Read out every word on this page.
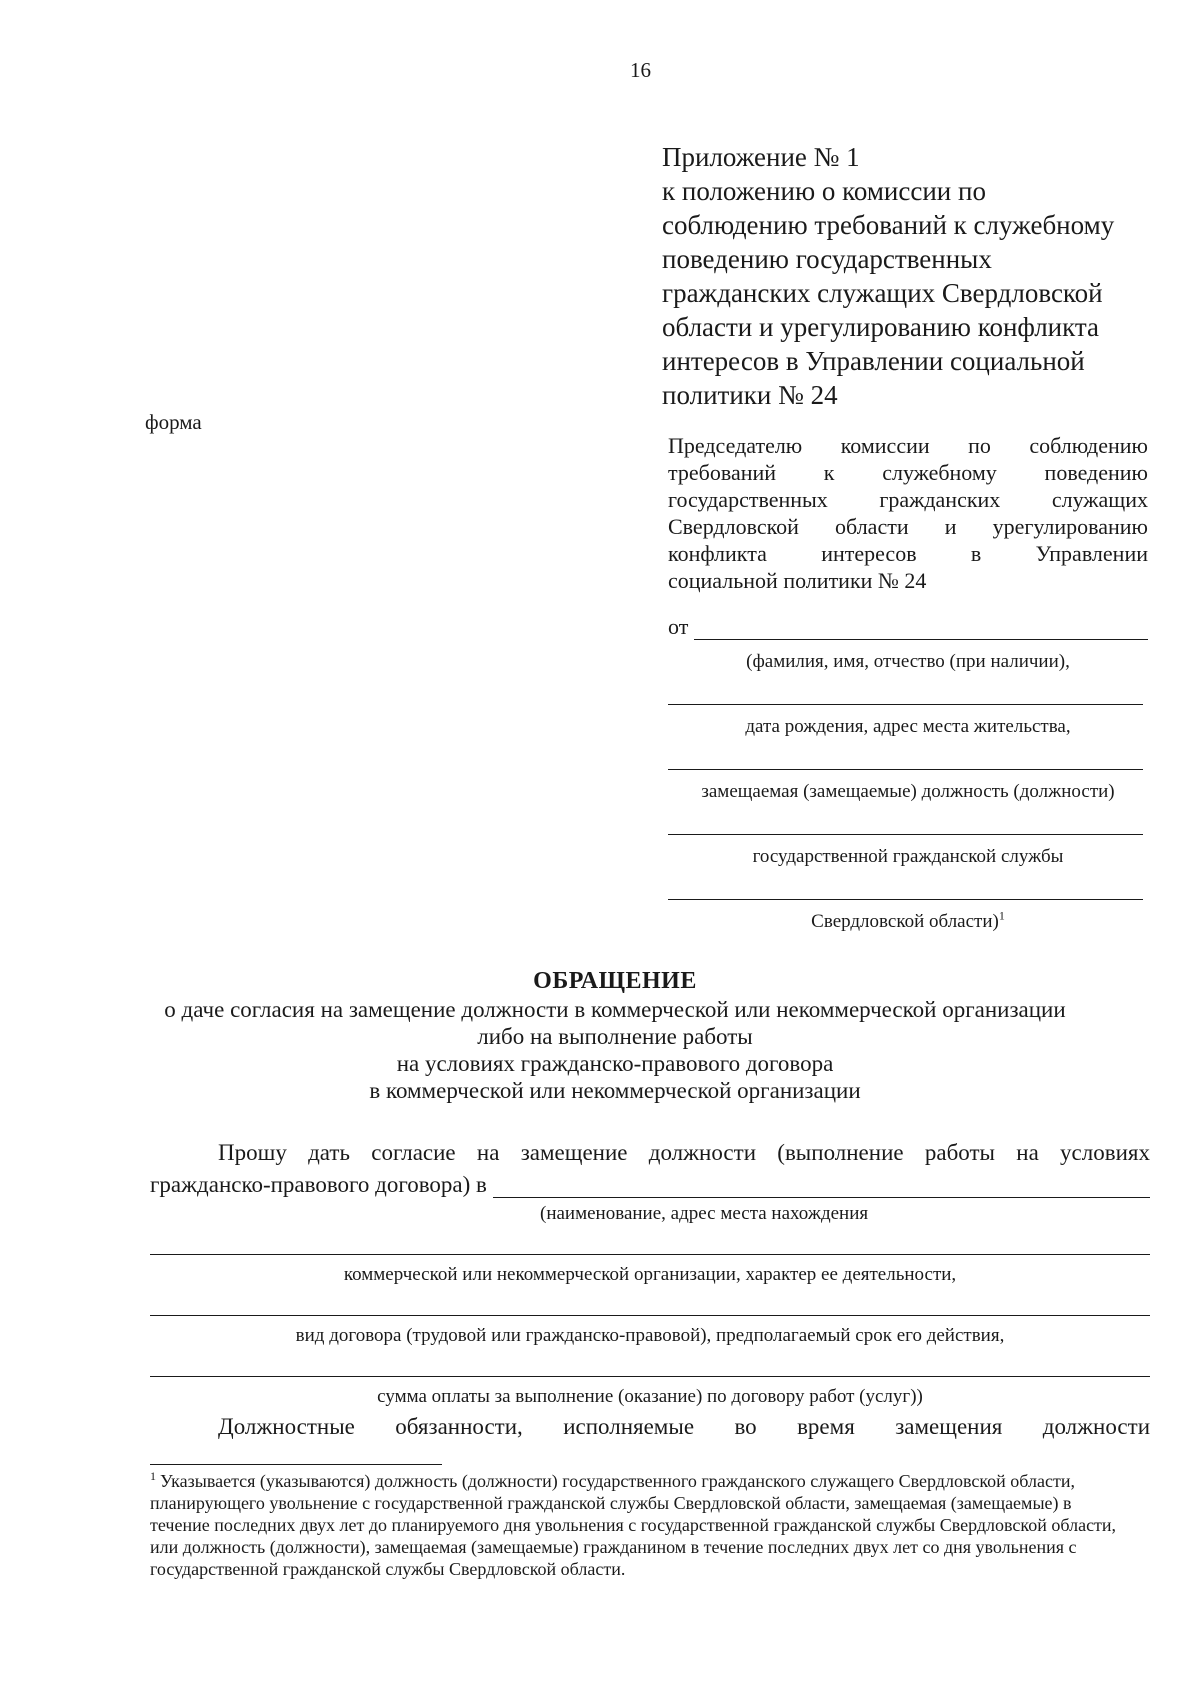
16
Приложение № 1
к положению о комиссии по
соблюдению требований к служебному
поведению государственных
гражданских служащих Свердловской
области и урегулированию конфликта
интересов в Управлении социальной
политики № 24
форма
Председателю комиссии по соблюдению
требований к служебному поведению
государственных гражданских служащих
Свердловской области и урегулированию
конфликта интересов в Управлении
социальной политики № 24
от
(фамилия, имя, отчество (при наличии),
дата рождения, адрес места жительства,
замещаемая (замещаемые) должность (должности)
государственной гражданской службы
Свердловской области)$^1$
ОБРАЩЕНИЕ
о даче согласия на замещение должности в коммерческой или некоммерческой организации
либо на выполнение работы
на условиях гражданско-правового договора
в коммерческой или некоммерческой организации
Прошу дать согласие на замещение должности (выполнение работы на условиях
гражданско-правового договора) в
(наименование, адрес места нахождения
коммерческой или некоммерческой организации, характер ее деятельности,
вид договора (трудовой или гражданско-правовой), предполагаемый срок его действия,
сумма оплаты за выполнение (оказание) по договору работ (услуг))
Должностные обязанности, исполняемые во время замещения должности
$^1$ Указывается (указываются) должность (должности) государственного гражданского служащего Свердловской области, планирующего увольнение с государственной гражданской службы Свердловской области, замещаемая (замещаемые) в течение последних двух лет до планируемого дня увольнения с государственной гражданской службы Свердловской области, или должность (должности), замещаемая (замещаемые) гражданином в течение последних двух лет со дня увольнения с государственной гражданской службы Свердловской области.
